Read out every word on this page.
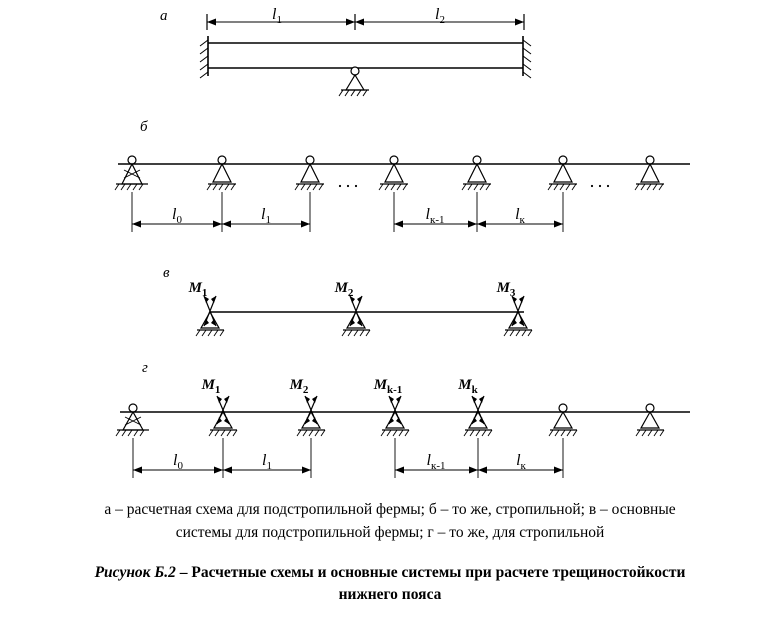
а	$l_1$	$l_2$
б
$l_0$	$l_1$	$l_{к-1}$	$l_к$
в
$M_1$	$M_2$	$M_3$
г
$M_1$	$M_2$	$M_{k-1}$	$M_k$
$l_0$	$l_1$	$l_{к-1}$	$l_к$
а – расчетная схема для подстропильной фермы; б – то же, стропильной; в – основные
системы для подстропильной фермы; г – то же, для стропильной
Рисунок Б.2 – Расчетные схемы и основные системы при расчете трещиностойкости
нижнего пояса
